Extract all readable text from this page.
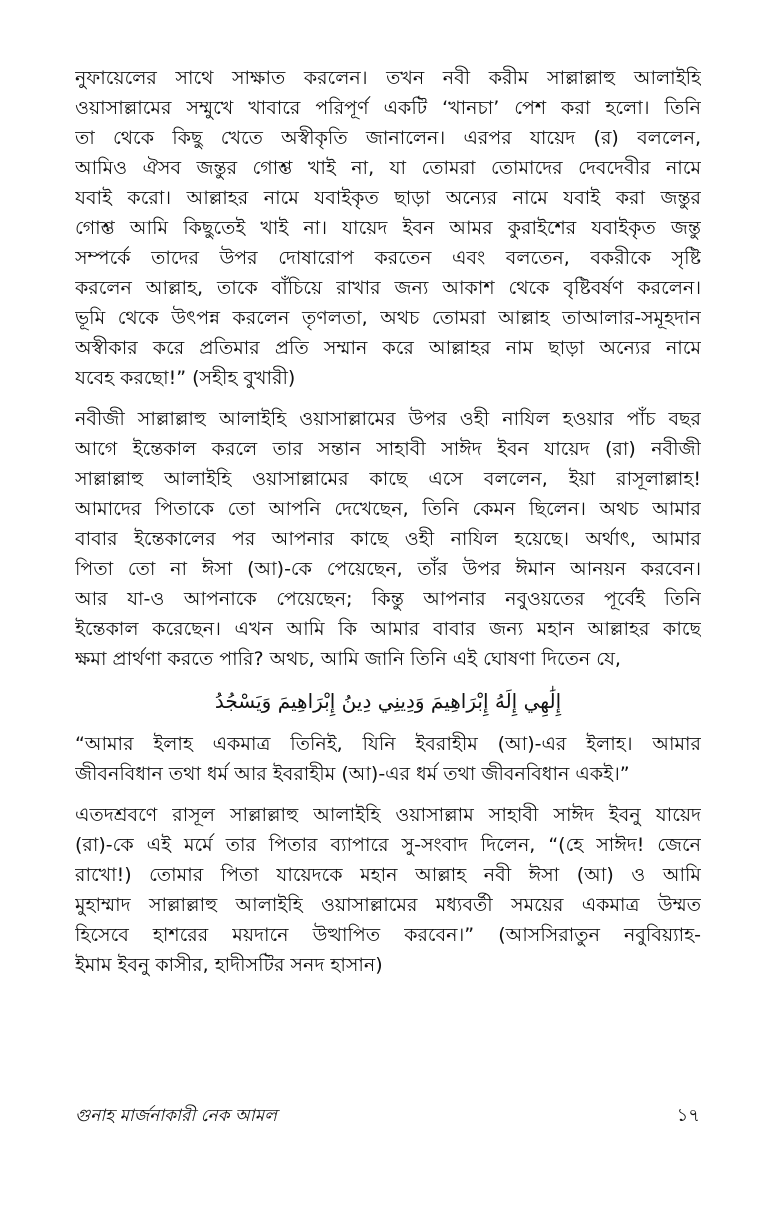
নুফায়েলের সাথে সাক্ষাত করলেন। তখন নবী করীম সাল্লাল্লাহু আলাইহি
ওয়াসাল্লামের সম্মুখে খাবারে পরিপূর্ণ একটি ‘খানচা’ পেশ করা হলো। তিনি
তা থেকে কিছু খেতে অস্বীকৃতি জানালেন। এরপর যায়েদ (র) বললেন,
আমিও ঐসব জন্তুর গোশ্ত খাই না, যা তোমরা তোমাদের দেবদেবীর নামে
যবাই করো। আল্লাহর নামে যবাইকৃত ছাড়া অন্যের নামে যবাই করা জন্তুর
গোশ্ত আমি কিছুতেই খাই না। যায়েদ ইবন আমর কুরাইশের যবাইকৃত জন্তু
সম্পর্কে তাদের উপর দোষারোপ করতেন এবং বলতেন, বকরীকে সৃষ্টি
করলেন আল্লাহ, তাকে বাঁচিয়ে রাখার জন্য আকাশ থেকে বৃষ্টিবর্ষণ করলেন।
ভূমি থেকে উৎপন্ন করলেন তৃণলতা, অথচ তোমরা আল্লাহ তাআলার-সমূহদান
অস্বীকার করে প্রতিমার প্রতি সম্মান করে আল্লাহর নাম ছাড়া অন্যের নামে
যবেহ করছো!” (সহীহ বুখারী)
নবীজী সাল্লাল্লাহু আলাইহি ওয়াসাল্লামের উপর ওহী নাযিল হওয়ার পাঁচ বছর
আগে ইন্তেকাল করলে তার সন্তান সাহাবী সাঈদ ইবন যায়েদ (রা) নবীজী
সাল্লাল্লাহু আলাইহি ওয়াসাল্লামের কাছে এসে বললেন, ইয়া রাসূলাল্লাহ!
আমাদের পিতাকে তো আপনি দেখেছেন, তিনি কেমন ছিলেন। অথচ আমার
বাবার ইন্তেকালের পর আপনার কাছে ওহী নাযিল হয়েছে। অর্থাৎ, আমার
পিতা তো না ঈসা (আ)-কে পেয়েছেন, তাঁর উপর ঈমান আনয়ন করবেন।
আর যা-ও আপনাকে পেয়েছেন; কিন্তু আপনার নবুওয়তের পূর্বেই তিনি
ইন্তেকাল করেছেন। এখন আমি কি আমার বাবার জন্য মহান আল্লাহর কাছে
ক্ষমা প্রার্থণা করতে পারি? অথচ, আমি জানি তিনি এই ঘোষণা দিতেন যে,
إِلَٰهِي إِلَهُ إِبْرَاهِيمَ وَدِينِي دِينُ إِبْرَاهِيمَ وَيَسْجُدُ
“আমার ইলাহ একমাত্র তিনিই, যিনি ইবরাহীম (আ)-এর ইলাহ। আমার
জীবনবিধান তথা ধর্ম আর ইবরাহীম (আ)-এর ধর্ম তথা জীবনবিধান একই।”
এতদশ্রবণে রাসূল সাল্লাল্লাহু আলাইহি ওয়াসাল্লাম সাহাবী সাঈদ ইবনু যায়েদ
(রা)-কে এই মর্মে তার পিতার ব্যাপারে সু-সংবাদ দিলেন, “(হে সাঈদ! জেনে
রাখো!) তোমার পিতা যায়েদকে মহান আল্লাহ নবী ঈসা (আ) ও আমি
মুহাম্মাদ সাল্লাল্লাহু আলাইহি ওয়াসাল্লামের মধ্যবর্তী সময়ের একমাত্র উম্মত
হিসেবে হাশরের ময়দানে উত্থাপিত করবেন।” (আসসিরাতুন নবুবিয়্যাহ-
ইমাম ইবনু কাসীর, হাদীসটির সনদ হাসান)
গুনাহ মার্জনাকারী নেক আমল	১৭
